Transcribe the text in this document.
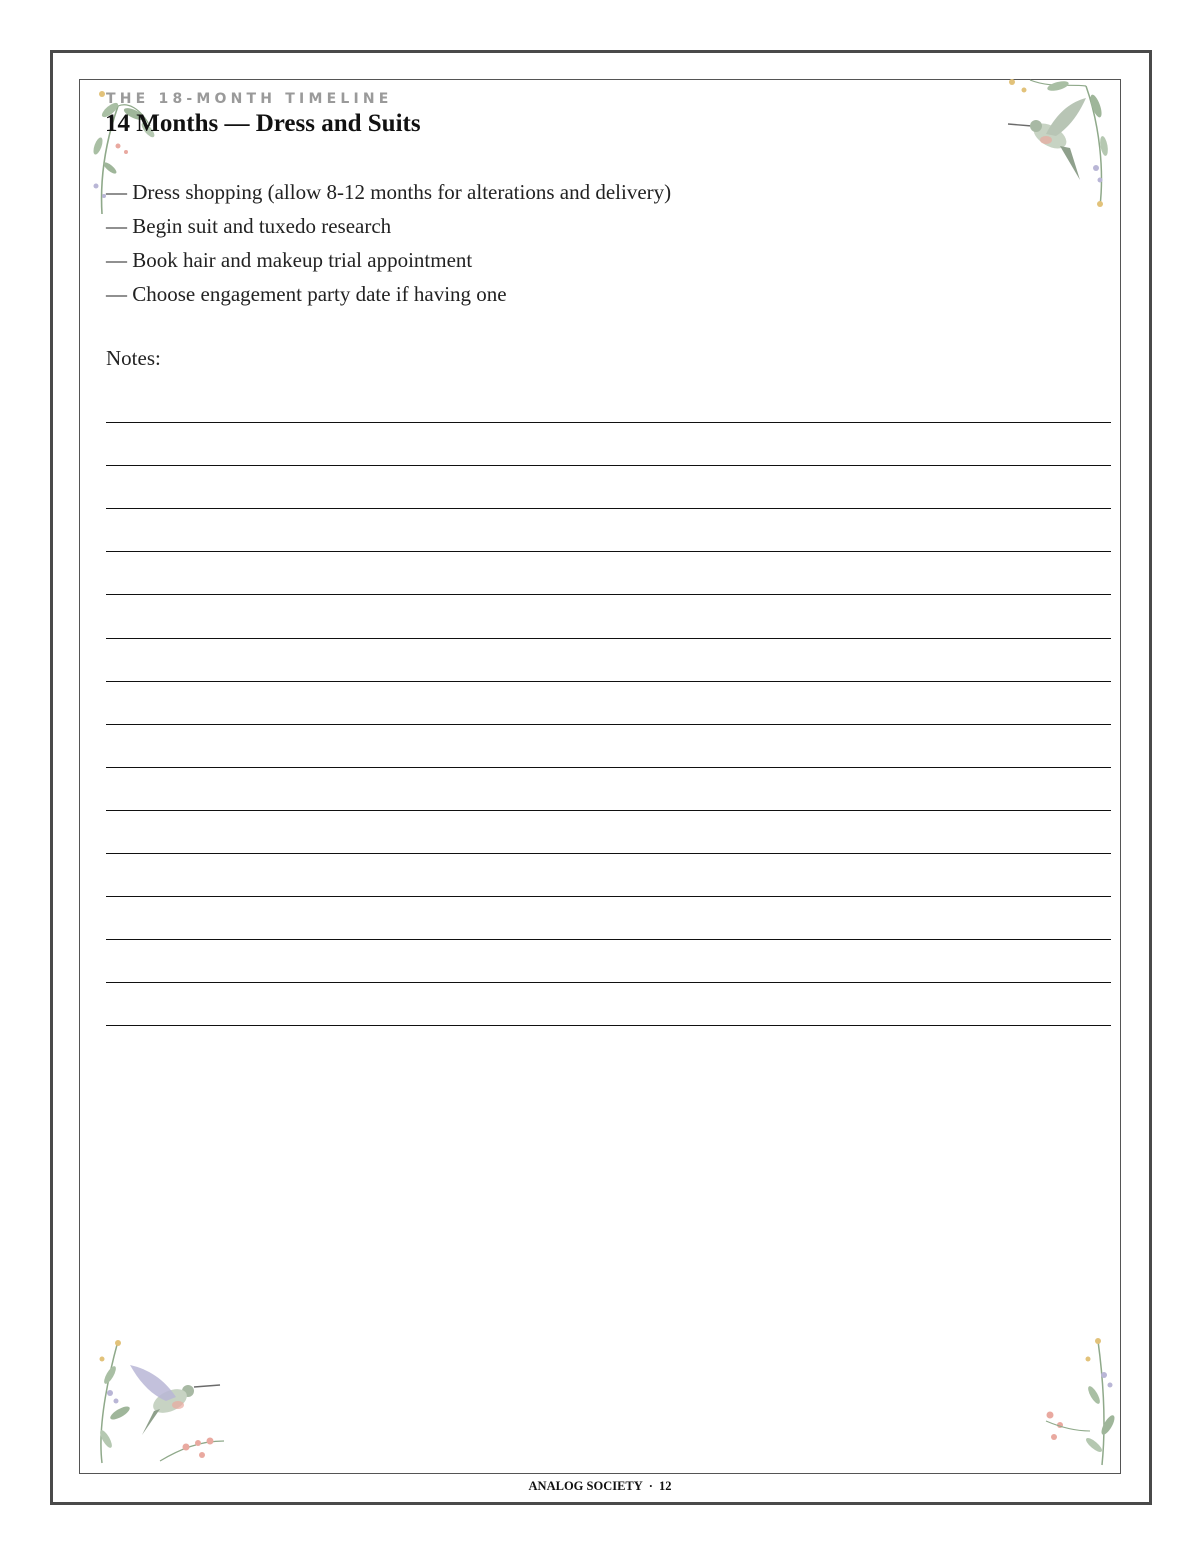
THE 18-MONTH TIMELINE
14 Months — Dress and Suits
— Dress shopping (allow 8-12 months for alterations and delivery)
— Begin suit and tuxedo research
— Book hair and makeup trial appointment
— Choose engagement party date if having one
Notes:
ANALOG SOCIETY · 12
